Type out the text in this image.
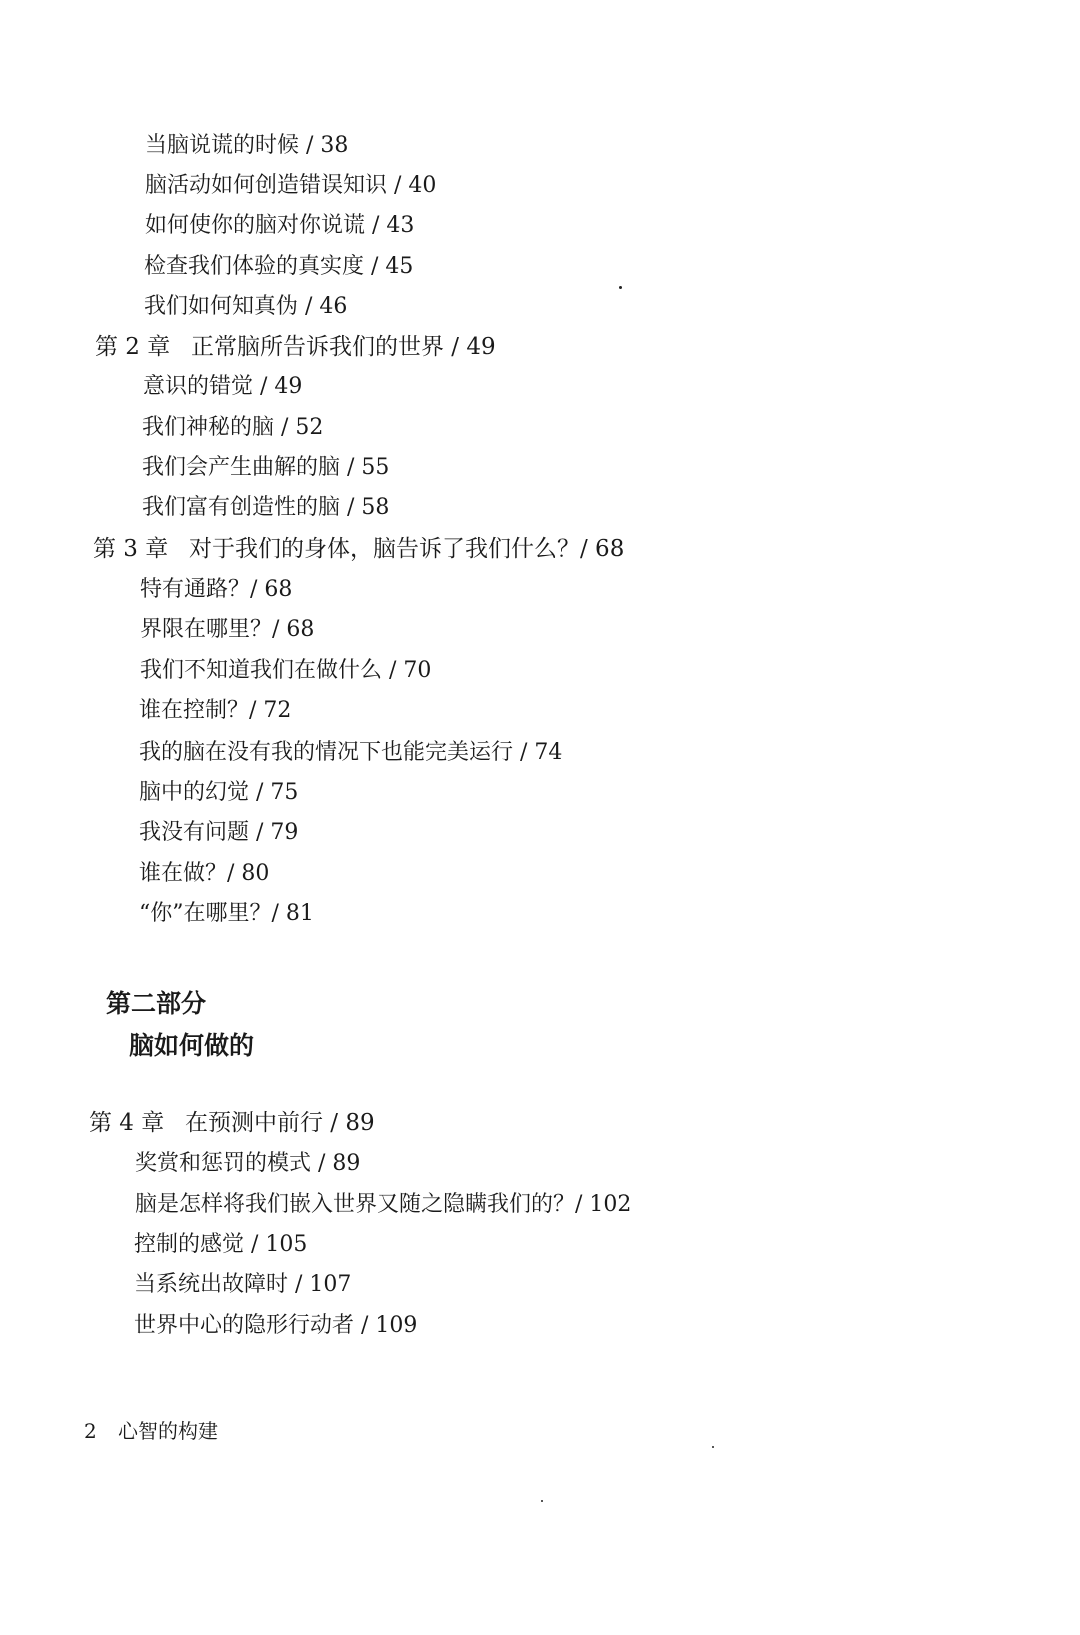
当脑说谎的时候 / 38
脑活动如何创造错误知识 / 40
如何使你的脑对你说谎 / 43
检查我们体验的真实度 / 45
我们如何知真伪 / 46
第 2 章 正常脑所告诉我们的世界 / 49
意识的错觉 / 49
我们神秘的脑 / 52
我们会产生曲解的脑 / 55
我们富有创造性的脑 / 58
第 3 章 对于我们的身体，脑告诉了我们什么？/ 68
特有通路？/ 68
界限在哪里？/ 68
我们不知道我们在做什么 / 70
谁在控制？/ 72
我的脑在没有我的情况下也能完美运行 / 74
脑中的幻觉 / 75
我没有问题 / 79
谁在做？/ 80
“你”在哪里？/ 81
第二部分
脑如何做的
第 4 章 在预测中前行 / 89
奖赏和惩罚的模式 / 89
脑是怎样将我们嵌入世界又随之隐瞒我们的？/ 102
控制的感觉 / 105
当系统出故障时 / 107
世界中心的隐形行动者 / 109
2 心智的构建
